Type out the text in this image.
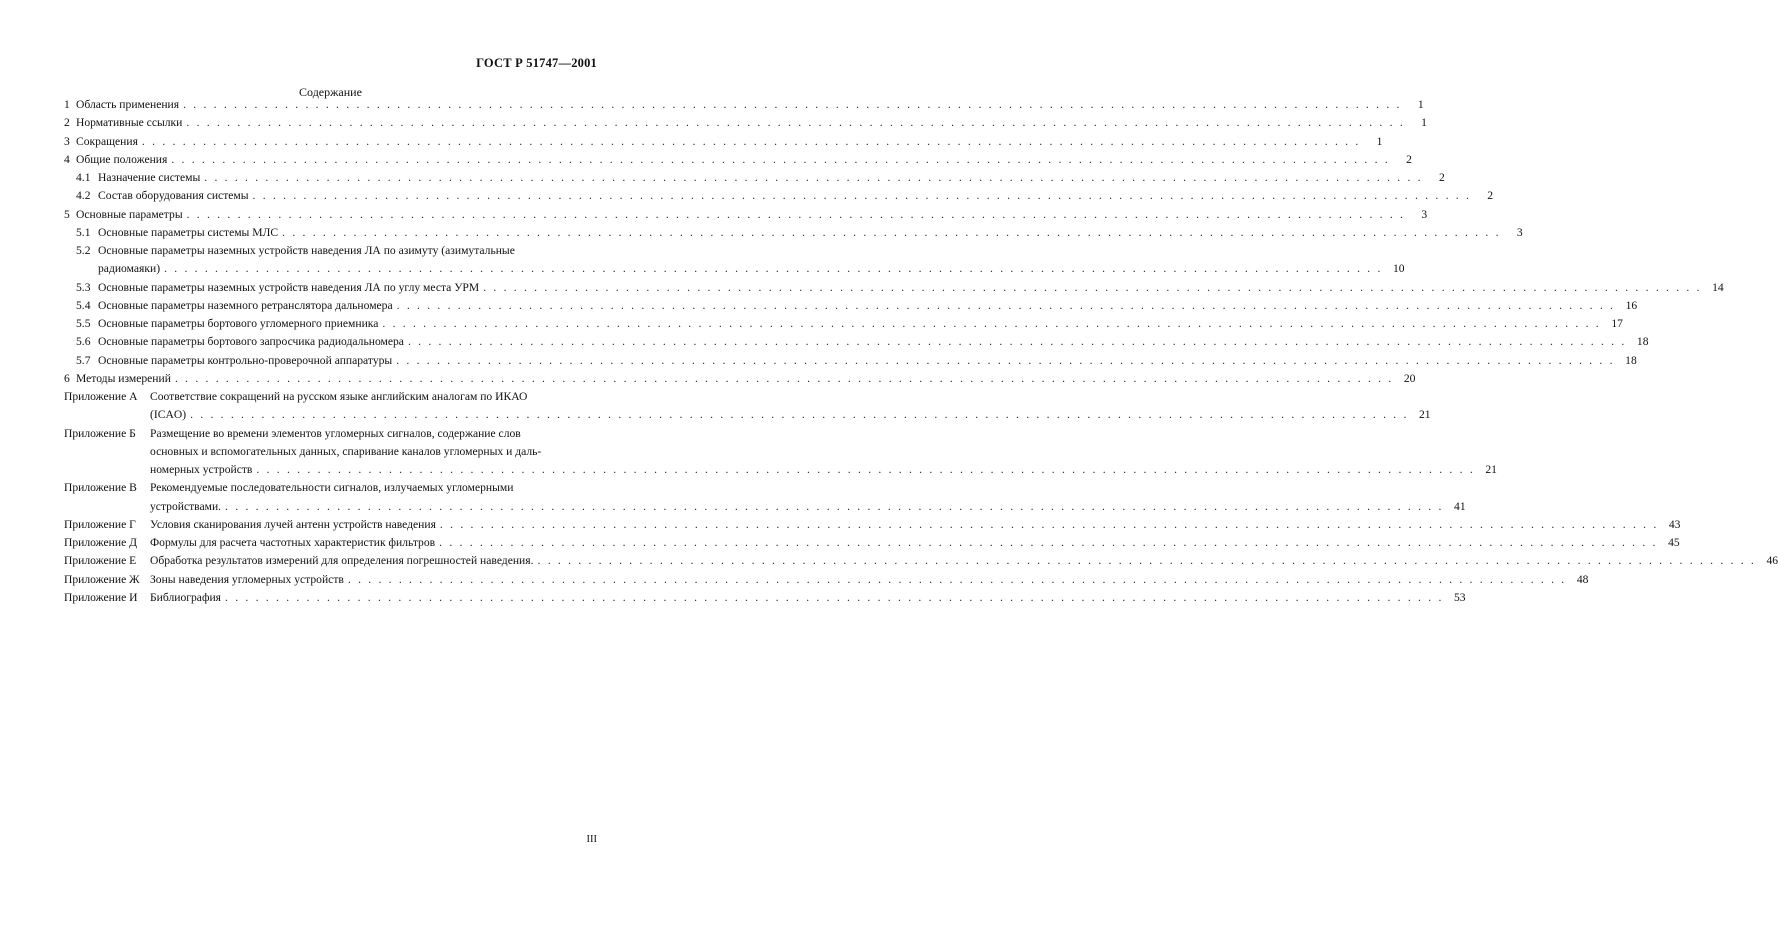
ГОСТ Р 51747—2001
Содержание
1 Область применения . . . . . . . . . . . . . . . . . . . . . . . . . . . . . . . . . . . . . . . . . . . . . . . . . . . . . . . . . . . . . . . . . . . . . . . . . . . . . . . . . . . . . . . . . . . . . . . . . . . . . . . . . . . . . . . . . . . . . . . .	1
2 Нормативные ссылки . . . . . . . . . . . . . . . . . . . . . . . . . . . . . . . . . . . . . . . . . . . . . . . . . . . . . . . . . . . . . . . . . . . . . . . . . . . . . . . . . . . . . . . . . . . . . . . . . . . . . . . . . . . . . . . . . . . . . . . .	1
3 Сокращения . . . . . . . . . . . . . . . . . . . . . . . . . . . . . . . . . . . . . . . . . . . . . . . . . . . . . . . . . . . . . . . . . . . . . . . . . . . . . . . . . . . . . . . . . . . . . . . . . . . . . . . . . . . . . . . . . . . . . . . .	1
4 Общие положения . . . . . . . . . . . . . . . . . . . . . . . . . . . . . . . . . . . . . . . . . . . . . . . . . . . . . . . . . . . . . . . . . . . . . . . . . . . . . . . . . . . . . . . . . . . . . . . . . . . . . . . . . . . . . . . . . . . . . . . .	2
4.1 Назначение системы . . . . . . . . . . . . . . . . . . . . . . . . . . . . . . . . . . . . . . . . . . . . . . . . . . . . . . . . . . . . . . . . . . . . . . . . . . . . . . . . . . . . . . . . . . . . . . . . . . . . . . . . . . . . . . . . . . . . . . . .	2
4.2 Состав оборудования системы . . . . . . . . . . . . . . . . . . . . . . . . . . . . . . . . . . . . . . . . . . . . . . . . . . . . . . . . . . . . . . . . . . . . . . . . . . . . . . . . . . . . . . . . . . . . . . . . . . . . . . . . . . . . . . . . . . . . . . . .	2
5 Основные параметры . . . . . . . . . . . . . . . . . . . . . . . . . . . . . . . . . . . . . . . . . . . . . . . . . . . . . . . . . . . . . . . . . . . . . . . . . . . . . . . . . . . . . . . . . . . . . . . . . . . . . . . . . . . . . . . . . . . . . . . .	3
5.1 Основные параметры системы МЛС . . . . . . . . . . . . . . . . . . . . . . . . . . . . . . . . . . . . . . . . . . . . . . . . . . . . . . . . . . . . . . . . . . . . . . . . . . . . . . . . . . . . . . . . . . . . . . . . . . . . . . . . . . . . . . . . . . . . . . . .	3
5.2 Основные параметры наземных устройств наведения ЛА по азимуту (азимутальные
радиомаяки) . . . . . . . . . . . . . . . . . . . . . . . . . . . . . . . . . . . . . . . . . . . . . . . . . . . . . . . . . . . . . . . . . . . . . . . . . . . . . . . . . . . . . . . . . . . . . . . . . . . . . . . . . . . . . . . . . . . . . . . . 10
5.3 Основные параметры наземных устройств наведения ЛА по углу места УРМ . . . . . . . . . . . . . . . . . . . . . . . . . . . . . . . . . . . . . . . . . . . . . . . . . . . . . . . . . . . . . . . . . . . . . . . . . . . . . . . . . . . . . . . . . . . . . . . . . . . . . . . . . . . . . . . . . . . . . . . . 14
5.4 Основные параметры наземного ретранслятора дальномера . . . . . . . . . . . . . . . . . . . . . . . . . . . . . . . . . . . . . . . . . . . . . . . . . . . . . . . . . . . . . . . . . . . . . . . . . . . . . . . . . . . . . . . . . . . . . . . . . . . . . . . . . . . . . . . . . . . . . . . . 16
5.5 Основные параметры бортового угломерного приемника . . . . . . . . . . . . . . . . . . . . . . . . . . . . . . . . . . . . . . . . . . . . . . . . . . . . . . . . . . . . . . . . . . . . . . . . . . . . . . . . . . . . . . . . . . . . . . . . . . . . . . . . . . . . . . . . . . . . . . . . 17
5.6 Основные параметры бортового запросчика радиодальномера . . . . . . . . . . . . . . . . . . . . . . . . . . . . . . . . . . . . . . . . . . . . . . . . . . . . . . . . . . . . . . . . . . . . . . . . . . . . . . . . . . . . . . . . . . . . . . . . . . . . . . . . . . . . . . . . . . . . . . . . 18
5.7 Основные параметры контрольно-проверочной аппаратуры . . . . . . . . . . . . . . . . . . . . . . . . . . . . . . . . . . . . . . . . . . . . . . . . . . . . . . . . . . . . . . . . . . . . . . . . . . . . . . . . . . . . . . . . . . . . . . . . . . . . . . . . . . . . . . . . . . . . . . . . 18
6 Методы измерений . . . . . . . . . . . . . . . . . . . . . . . . . . . . . . . . . . . . . . . . . . . . . . . . . . . . . . . . . . . . . . . . . . . . . . . . . . . . . . . . . . . . . . . . . . . . . . . . . . . . . . . . . . . . . . . . . . . . . . . . 20
Приложение А	Соответствие сокращений на русском языке английским аналогам по ИКАО
(ICAO) . . . . . . . . . . . . . . . . . . . . . . . . . . . . . . . . . . . . . . . . . . . . . . . . . . . . . . . . . . . . . . . . . . . . . . . . . . . . . . . . . . . . . . . . . . . . . . . . . . . . . . . . . . . . . . . . . . . . . . . . 21
Приложение Б	Размещение во времени элементов угломерных сигналов, содержание слов
основных и вспомогательных данных, спаривание каналов угломерных и даль-
номерных устройств . . . . . . . . . . . . . . . . . . . . . . . . . . . . . . . . . . . . . . . . . . . . . . . . . . . . . . . . . . . . . . . . . . . . . . . . . . . . . . . . . . . . . . . . . . . . . . . . . . . . . . . . . . . . . . . . . . . . . . . . 21
Приложение В	Рекомендуемые последовательности сигналов, излучаемых угломерными
устройствами. . . . . . . . . . . . . . . . . . . . . . . . . . . . . . . . . . . . . . . . . . . . . . . . . . . . . . . . . . . . . . . . . . . . . . . . . . . . . . . . . . . . . . . . . . . . . . . . . . . . . . . . . . . . . . . . . . . . . . . . . 41
Приложение Г	Условия сканирования лучей антенн устройств наведения . . . . . . . . . . . . . . . . . . . . . . . . . . . . . . . . . . . . . . . . . . . . . . . . . . . . . . . . . . . . . . . . . . . . . . . . . . . . . . . . . . . . . . . . . . . . . . . . . . . . . . . . . . . . . . . . . . . . . . . . 43
Приложение Д	Формулы для расчета частотных характеристик фильтров . . . . . . . . . . . . . . . . . . . . . . . . . . . . . . . . . . . . . . . . . . . . . . . . . . . . . . . . . . . . . . . . . . . . . . . . . . . . . . . . . . . . . . . . . . . . . . . . . . . . . . . . . . . . . . . . . . . . . . . . 45
Приложение Е	Обработка результатов измерений для определения погрешностей наведения. . . . . . . . . . . . . . . . . . . . . . . . . . . . . . . . . . . . . . . . . . . . . . . . . . . . . . . . . . . . . . . . . . . . . . . . . . . . . . . . . . . . . . . . . . . . . . . . . . . . . . . . . . . . . . . . . . . . . . . . . 46
Приложение Ж Зоны наведения угломерных устройств . . . . . . . . . . . . . . . . . . . . . . . . . . . . . . . . . . . . . . . . . . . . . . . . . . . . . . . . . . . . . . . . . . . . . . . . . . . . . . . . . . . . . . . . . . . . . . . . . . . . . . . . . . . . . . . . . . . . . . . . 48
Приложение И	Библиография . . . . . . . . . . . . . . . . . . . . . . . . . . . . . . . . . . . . . . . . . . . . . . . . . . . . . . . . . . . . . . . . . . . . . . . . . . . . . . . . . . . . . . . . . . . . . . . . . . . . . . . . . . . . . . . . . . . . . . . . 53
III
